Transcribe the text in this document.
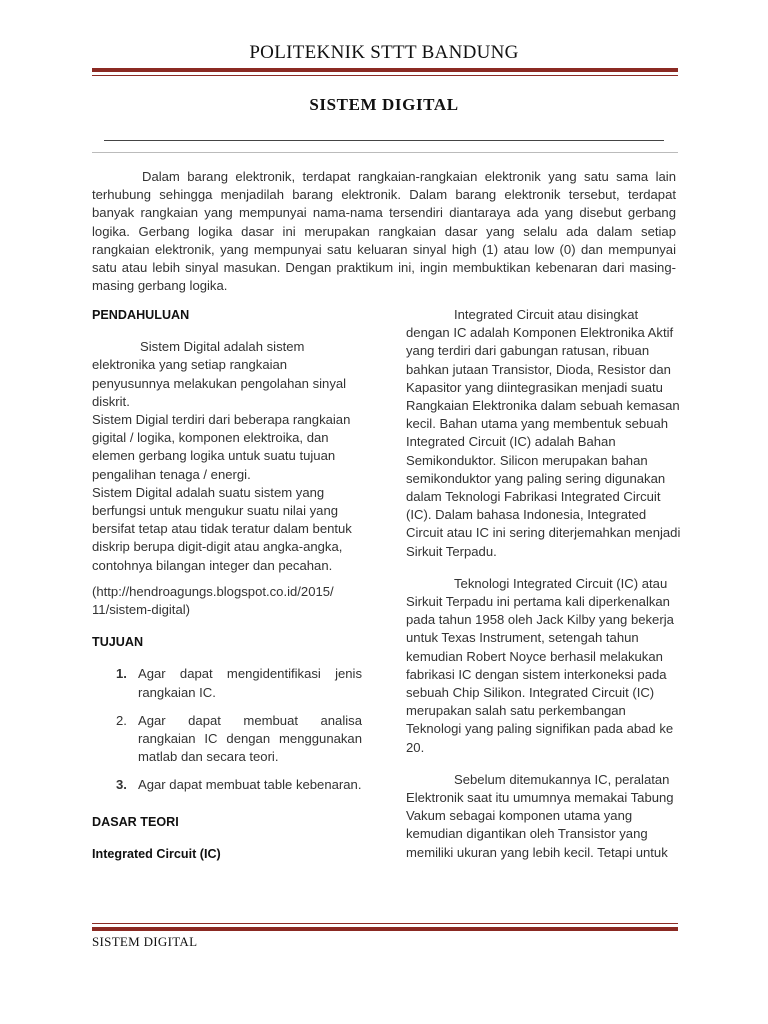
POLITEKNIK STTT BANDUNG
SISTEM DIGITAL

Dalam barang elektronik, terdapat rangkaian-rangkaian elektronik yang satu sama lain terhubung sehingga menjadilah barang elektronik. Dalam barang elektronik tersebut, terdapat banyak rangkaian yang mempunyai nama-nama tersendiri diantaraya ada yang disebut gerbang logika. Gerbang logika dasar ini merupakan rangkaian dasar yang selalu ada dalam setiap rangkaian elektronik, yang mempunyai satu keluaran sinyal high (1) atau low (0) dan mempunyai satu atau lebih sinyal masukan. Dengan praktikum ini, ingin membuktikan kebenaran dari masing-masing gerbang logika.

PENDAHULUAN

Sistem Digital adalah sistem elektronika yang setiap rangkaian penyusunnya melakukan pengolahan sinyal diskrit.

Sistem Digial terdiri dari beberapa rangkaian gigital / logika, komponen elektroika, dan elemen gerbang logika untuk suatu tujuan pengalihan tenaga / energi.

Sistem Digital adalah suatu sistem yang berfungsi untuk mengukur suatu nilai yang bersifat tetap atau tidak teratur dalam bentuk diskrip berupa digit-digit atau angka-angka, contohnya bilangan integer dan pecahan.

(http://hendroagungs.blogspot.co.id/2015/ 11/sistem-digital)

TUJUAN

1. Agar dapat mengidentifikasi jenis rangkaian IC.
2. Agar dapat membuat analisa rangkaian IC dengan menggunakan matlab dan secara teori.
3. Agar dapat membuat table kebenaran.

DASAR TEORI

Integrated Circuit (IC)

Integrated Circuit atau disingkat dengan IC adalah Komponen Elektronika Aktif yang terdiri dari gabungan ratusan, ribuan bahkan jutaan Transistor, Dioda, Resistor dan Kapasitor yang diintegrasikan menjadi suatu Rangkaian Elektronika dalam sebuah kemasan kecil. Bahan utama yang membentuk sebuah Integrated Circuit (IC) adalah Bahan Semikonduktor. Silicon merupakan bahan semikonduktor yang paling sering digunakan dalam Teknologi Fabrikasi Integrated Circuit (IC). Dalam bahasa Indonesia, Integrated Circuit atau IC ini sering diterjemahkan menjadi Sirkuit Terpadu.

Teknologi Integrated Circuit (IC) atau Sirkuit Terpadu ini pertama kali diperkenalkan pada tahun 1958 oleh Jack Kilby yang bekerja untuk Texas Instrument, setengah tahun kemudian Robert Noyce berhasil melakukan fabrikasi IC dengan sistem interkoneksi pada sebuah Chip Silikon. Integrated Circuit (IC) merupakan salah satu perkembangan Teknologi yang paling signifikan pada abad ke 20.

Sebelum ditemukannya IC, peralatan Elektronik saat itu umumnya memakai Tabung Vakum sebagai komponen utama yang kemudian digantikan oleh Transistor yang memiliki ukuran yang lebih kecil. Tetapi untuk

SISTEM DIGITAL
